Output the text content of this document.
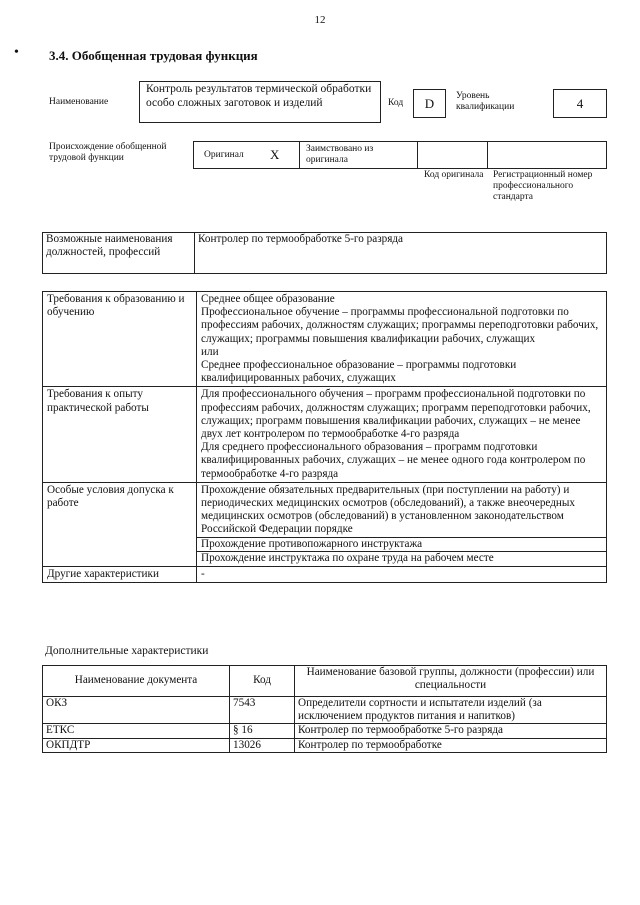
12
• 3.4. Обобщенная трудовая функция
Наименование
Контроль результатов термической обработки особо сложных заготовок и изделий	Код	D	Уровень квалификации	4
Происхождение обобщенной трудовой функции	Оригинал X	Заимствовано из оригинала
Код оригинала Регистрационный номер профессионального стандарта
Возможные наименования должностей, профессий	Контролер по термообработке 5-го разряда
Требования к образованию и обучению	Среднее общее образование
Профессиональное обучение – программы профессиональной подготовки по профессиям рабочих, должностям служащих; программы переподготовки рабочих, служащих; программы повышения квалификации рабочих, служащих
или
Среднее профессиональное образование – программы подготовки квалифицированных рабочих, служащих
Требования к опыту практической работы	Для профессионального обучения – программ профессиональной подготовки по профессиям рабочих, должностям служащих; программ переподготовки рабочих, служащих; программ повышения квалификации рабочих, служащих – не менее двух лет контролером по термообработке 4-го разряда
Для среднего профессионального образования – программ подготовки квалифицированных рабочих, служащих – не менее одного года контролером по термообработке 4-го разряда
Особые условия допуска к работе	Прохождение обязательных предварительных (при поступлении на работу) и периодических медицинских осмотров (обследований), а также внеочередных медицинских осмотров (обследований) в установленном законодательством Российской Федерации порядке
Прохождение противопожарного инструктажа
Прохождение инструктажа по охране труда на рабочем месте

Другие характеристики	-
Дополнительные характеристики
Наименование документа	Код	Наименование базовой группы, должности (профессии) или специальности
ОКЗ	7543	Определители сортности и испытатели изделий (за исключением продуктов питания и напитков)
ЕТКС	§ 16	Контролер по термообработке 5-го разряда
ОКПДТР	13026	Контролер по термообработке
